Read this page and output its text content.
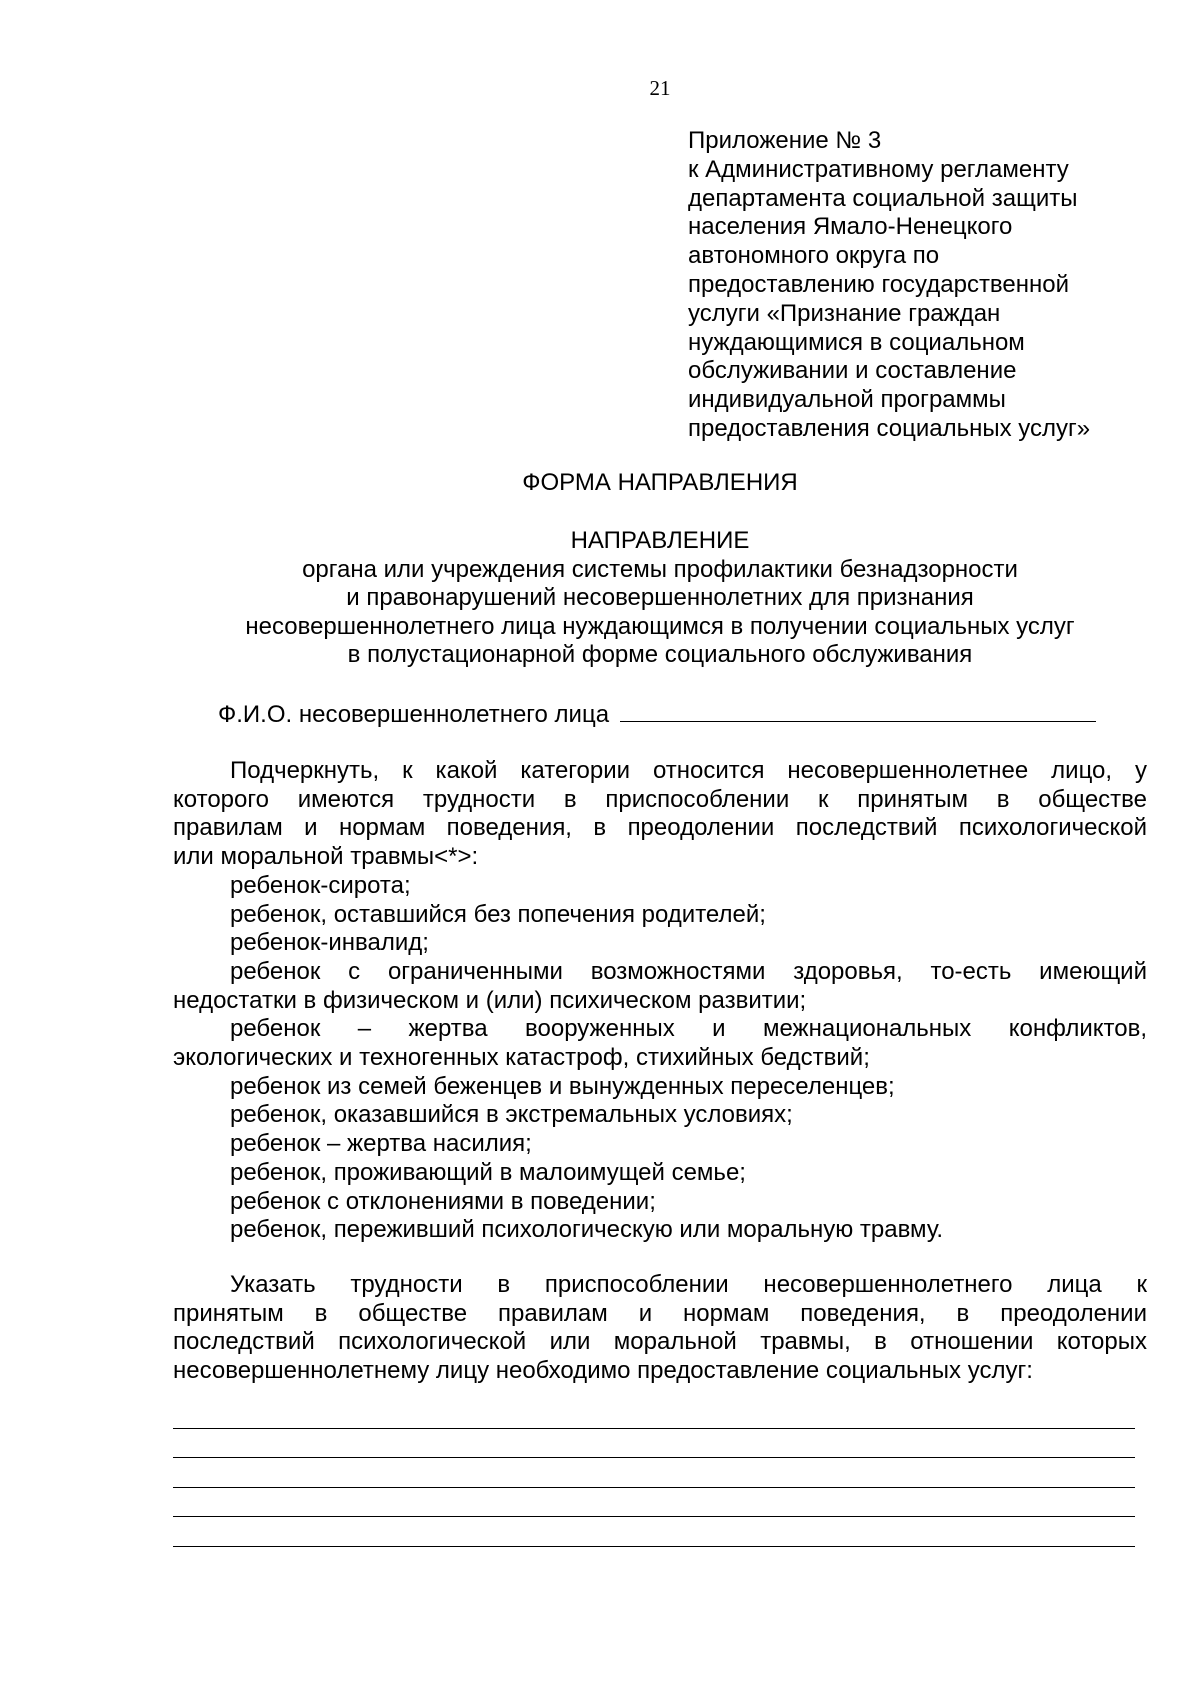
21
Приложение № 3
к Административному регламенту
департамента социальной защиты
населения Ямало-Ненецкого
автономного округа по
предоставлению государственной
услуги «Признание граждан
нуждающимися в социальном
обслуживании и составление
индивидуальной программы
предоставления социальных услуг»
ФОРМА НАПРАВЛЕНИЯ
НАПРАВЛЕНИЕ
органа или учреждения системы профилактики безнадзорности
и правонарушений несовершеннолетних для признания
несовершеннолетнего лица нуждающимся в получении социальных услуг
в полустационарной форме социального обслуживания
Ф.И.О. несовершеннолетнего лица
Подчеркнуть, к какой категории относится несовершеннолетнее лицо, у
которого имеются трудности в приспособлении к принятым в обществе
правилам и нормам поведения, в преодолении последствий психологической
или моральной травмы<*>:
ребенок-сирота;
ребенок, оставшийся без попечения родителей;
ребенок-инвалид;
ребенок с ограниченными возможностями здоровья, то-есть имеющий
недостатки в физическом и (или) психическом развитии;
ребенок – жертва вооруженных и межнациональных конфликтов,
экологических и техногенных катастроф, стихийных бедствий;
ребенок из семей беженцев и вынужденных переселенцев;
ребенок, оказавшийся в экстремальных условиях;
ребенок – жертва насилия;
ребенок, проживающий в малоимущей семье;
ребенок с отклонениями в поведении;
ребенок, переживший психологическую или моральную травму.
Указать трудности в приспособлении несовершеннолетнего лица к
принятым в обществе правилам и нормам поведения, в преодолении
последствий психологической или моральной травмы, в отношении которых
несовершеннолетнему лицу необходимо предоставление социальных услуг:
